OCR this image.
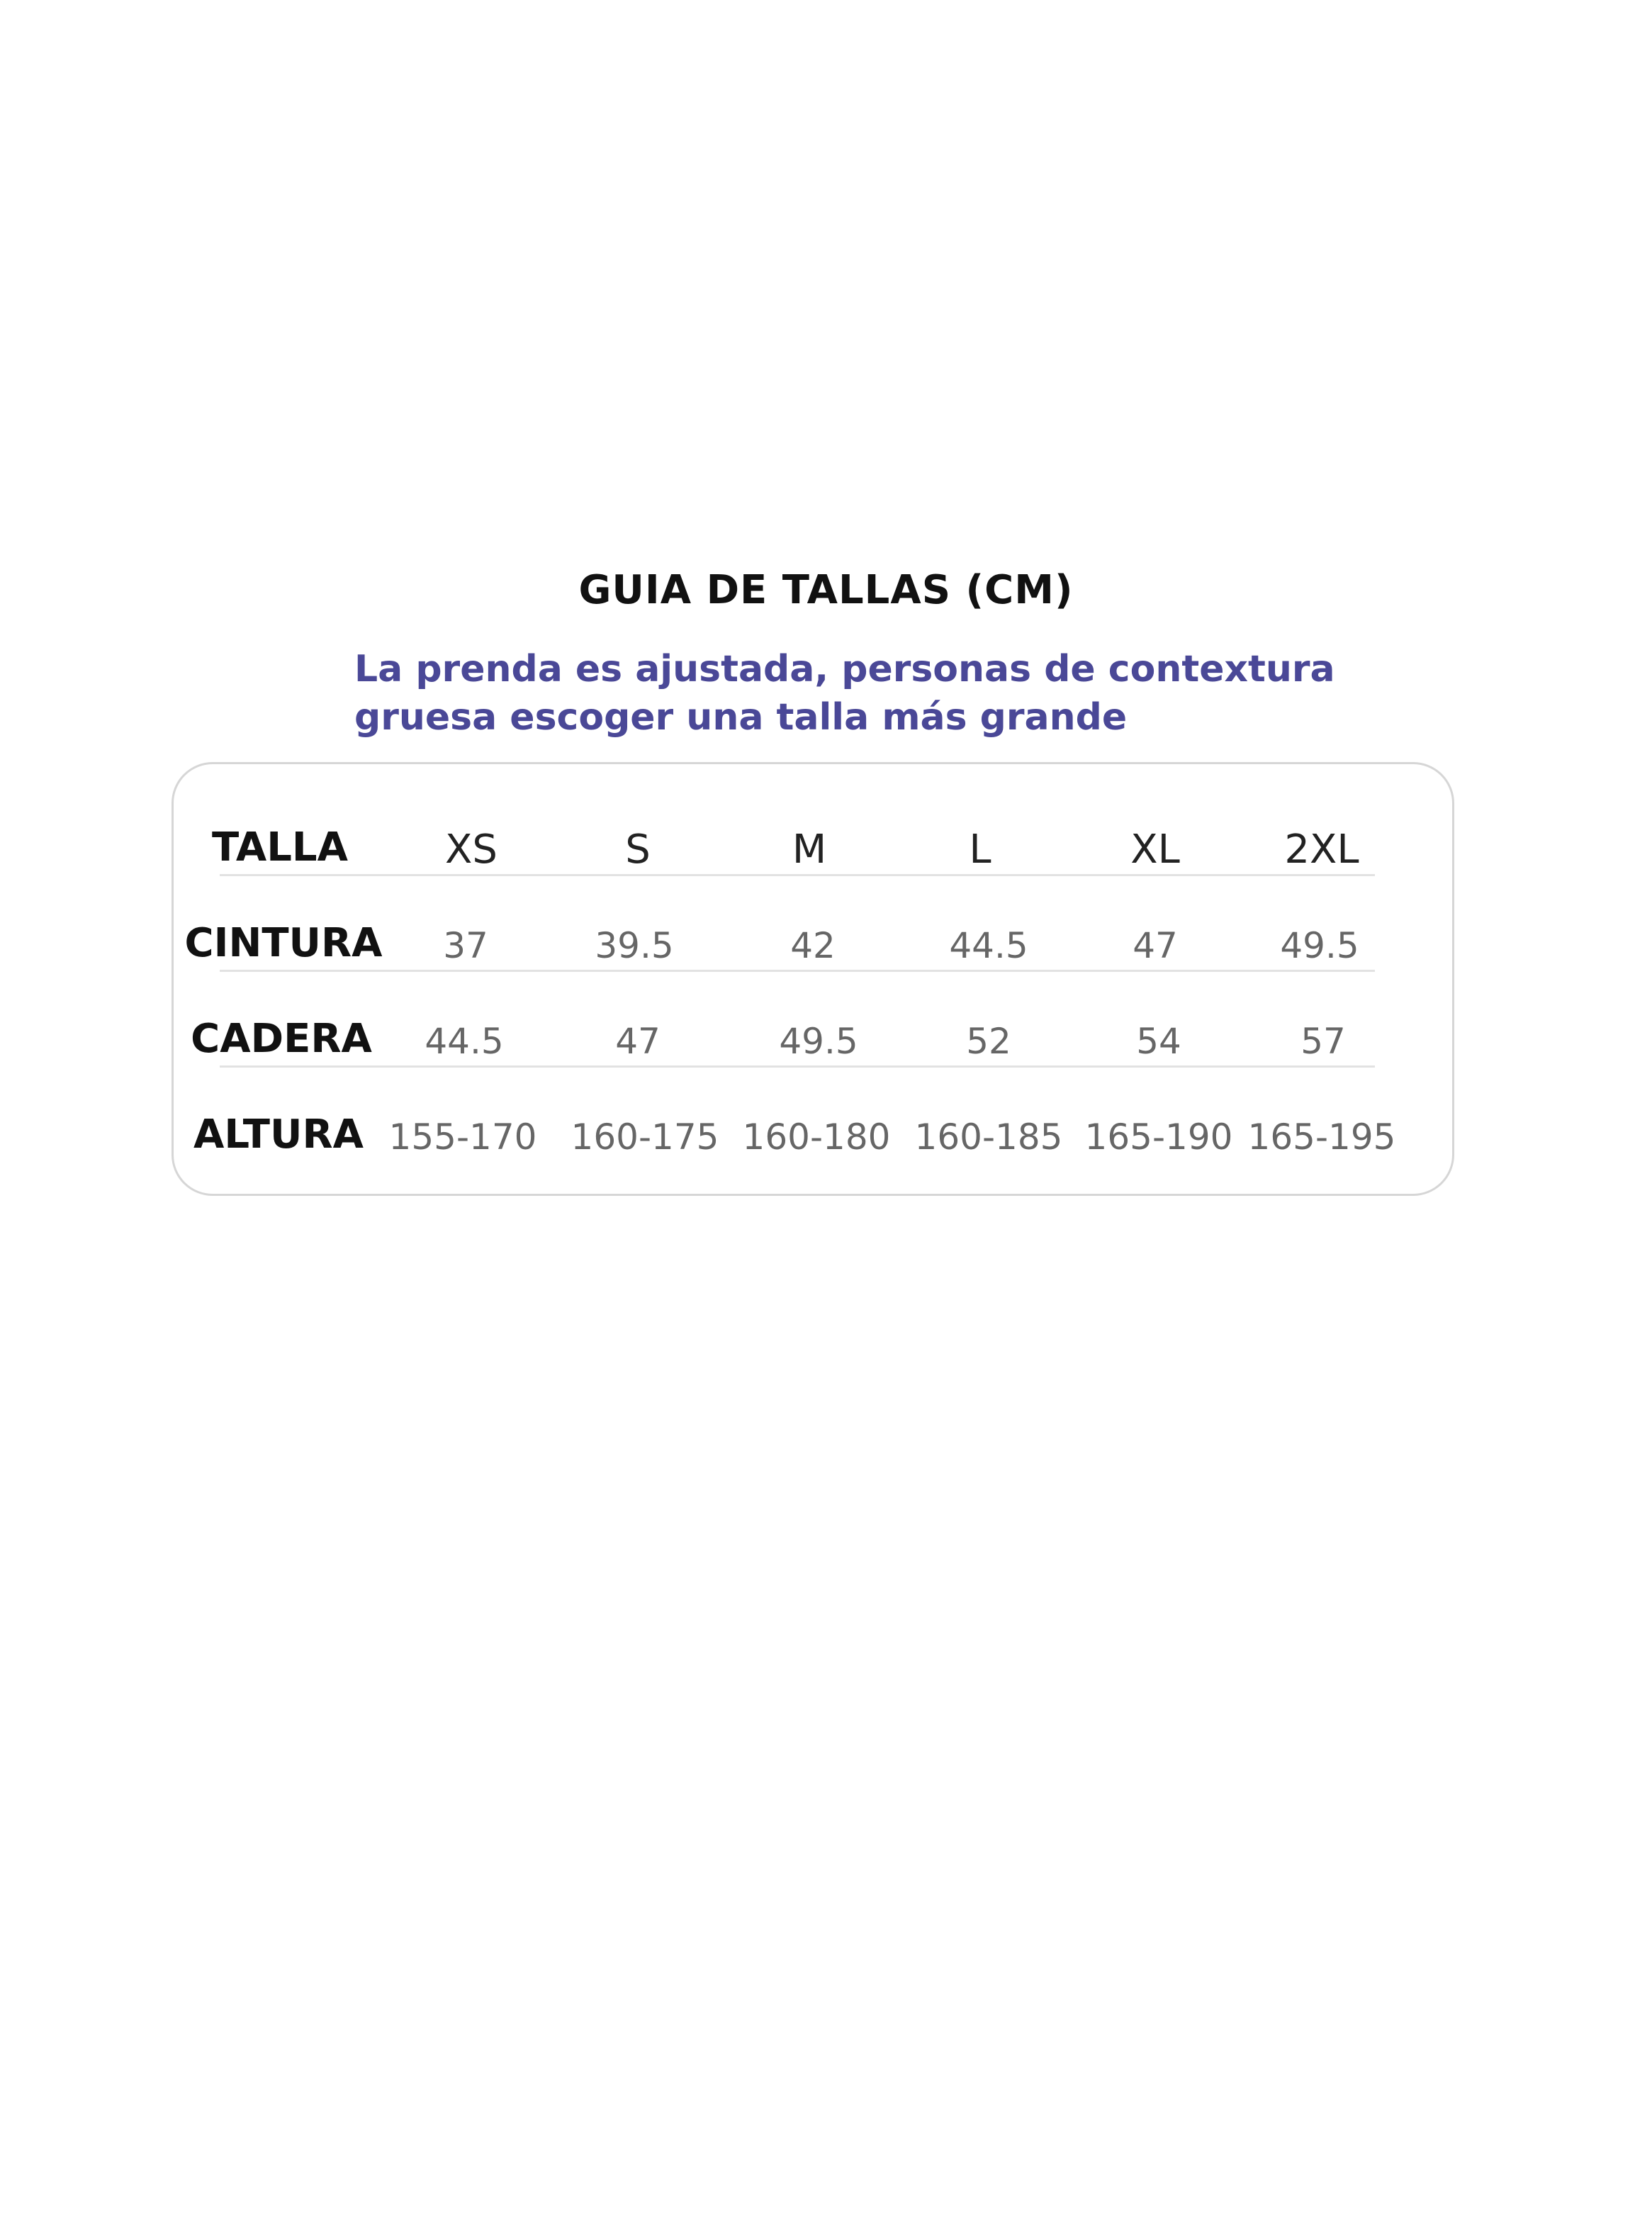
GUIA DE TALLAS (CM)
La prenda es ajustada, personas de contextura
gruesa escoger una talla más grande
TALLA XS	S	M	L	XL	2XL
CINTURA 37	39.5	42	44.5	47	49.5
CADERA 44.5	47	49.5	52	54	57
ALTURA 155-170 160-175 160-180 160-185 165-190 165-195
